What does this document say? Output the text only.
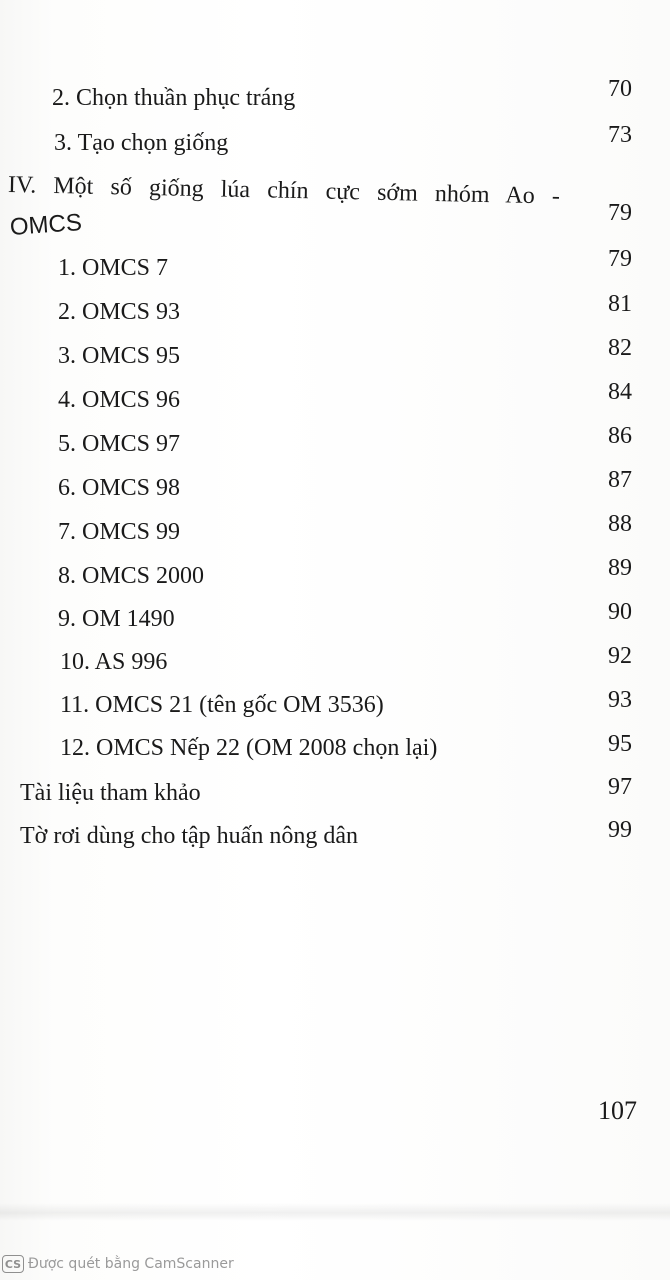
2. Chọn thuần phục tráng	70
3. Tạo chọn giống	73
IV. Một số giống lúa chín cực sớm nhóm Ao -
OMCS	79
1. OMCS 7	79
2. OMCS 93	81
3. OMCS 95	82
4. OMCS 96	84
5. OMCS 97	86
6. OMCS 98	87
7. OMCS 99	88
8. OMCS 2000	89
9. OM 1490	90
10. AS 996	92
11. OMCS 21 (tên gốc OM 3536)	93
12. OMCS Nếp 22 (OM 2008 chọn lại)	95
Tài liệu tham khảo	97
Tờ rơi dùng cho tập huấn nông dân	99
107
CS Được quét bằng CamScanner
